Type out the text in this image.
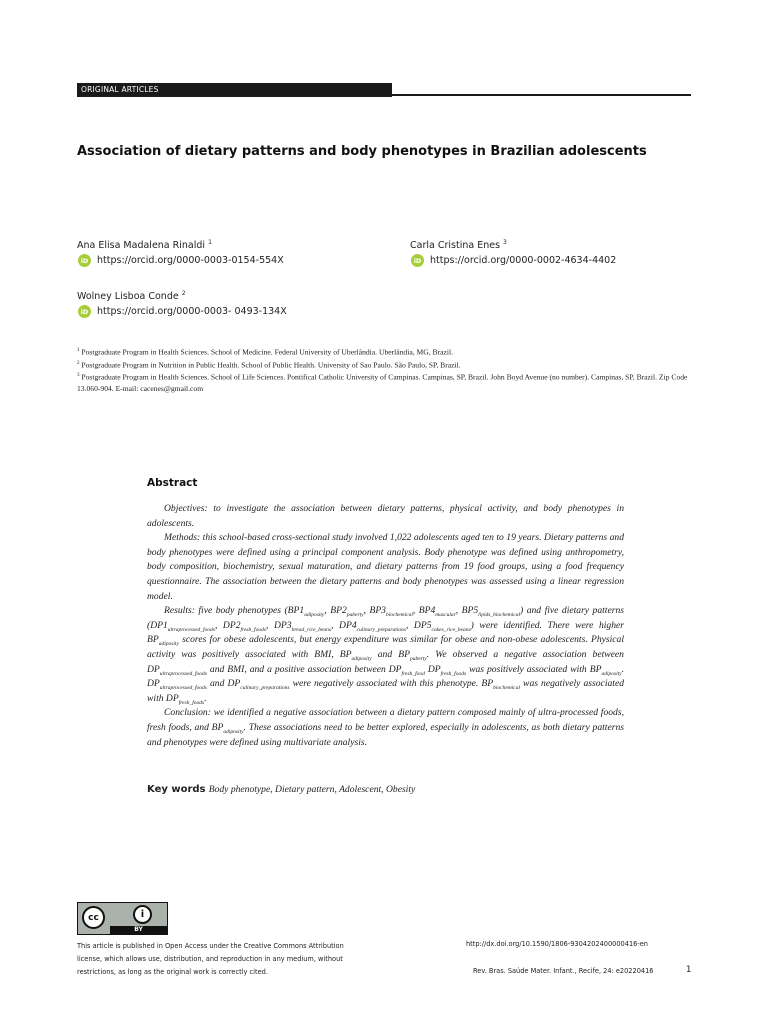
ORIGINAL ARTICLES
Association of dietary patterns and body phenotypes in Brazilian adolescents
Ana Elisa Madalena Rinaldi $^1$
iD https://orcid.org/0000-0003-0154-554X
Carla Cristina Enes $^3$
iD https://orcid.org/0000-0002-4634-4402
Wolney Lisboa Conde $^2$
iD https://orcid.org/0000-0003- 0493-134X

$^1$ Postgraduate Program in Health Sciences. School of Medicine. Federal University of Uberlândia. Uberlândia, MG, Brazil.

$^2$ Postgraduate Program in Nutrition in Public Health. School of Public Health. University of Sao Paulo. São Paulo, SP, Brazil.

$^3$ Postgraduate Program in Health Sciences. School of Life Sciences. Pontifical Catholic University of Campinas. Campinas, SP, Brazil. John Boyd Avenue (no number). Campinas, SP, Brazil. Zip Code 13.060-904. E-mail: cacenes@gmail.com

Abstract

Objectives: to investigate the association between dietary patterns, physical activity, and body phenotypes in adolescents.

Methods: this school-based cross-sectional study involved 1,022 adolescents aged ten to 19 years. Dietary patterns and body phenotypes were defined using a principal component analysis. Body phenotype was defined using anthropometry, body composition, biochemistry, sexual maturation, and dietary patterns from 19 food groups, using a food frequency questionnaire. The association between the dietary patterns and body phenotypes was assessed using a linear regression model.

Results: five body phenotypes ($BP1_{adiposity}$, $BP2_{puberty}$, $BP3_{biochemical}$, $BP4_{muscular}$, $BP5_{lipids\_biochemical}$) and five dietary patterns ($DP1_{ultraprocessed\_foods}$, $DP2_{fresh\_foods}$, $DP3_{bread\_rice\_beans}$, $DP4_{culinary\_preparations}$, $DP5_{cakes\_rice\_beans}$) were identified. There were higher $BP_{adiposity}$ scores for obese adolescents, but energy expenditure was similar for obese and non-obese adolescents. Physical activity was positively associated with BMI, $BP_{adiposity}$ and $BP_{puberty}$. We observed a negative association between $DP_{ultraprocessed\_foods}$ and BMI, and a positive association between $DP_{fresh\_food}$ $DP_{fresh\_foods}$ was positively associated with $BP_{adiposity}$. $DP_{ultraprocessed\_foods}$ and $DP_{culinary\_preparations}$ were negatively associated with this phenotype. $BP_{biochemical}$ was negatively associated with $DP_{fresh\_foods}$.

Conclusion: we identified a negative association between a dietary pattern composed mainly of ultra-processed foods, fresh foods, and $BP_{adiposity}$. These associations need to be better explored, especially in adolescents, as both dietary patterns and phenotypes were defined using multivariate analysis.

Key words Body phenotype, Dietary pattern, Adolescent, Obesity
cc	i
BY
This article is published in Open Access under the Creative Commons Attribution
license, which allows use, distribution, and reproduction in any medium, without
restrictions, as long as the original work is correctly cited.
http://dx.doi.org/10.1590/1806-9304202400000416-en
Rev. Bras. Saúde Mater. Infant., Recife, 24: e20220416	1
